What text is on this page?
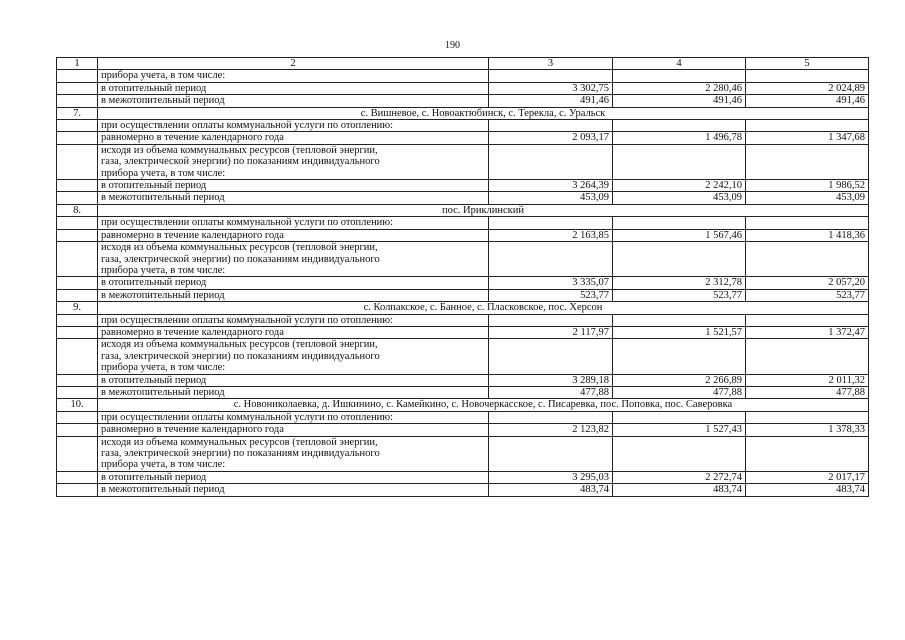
190
1	2	3	4	5
	прибора учета, в том числе:			
	в отопительный период	3 302,75	2 280,46	2 024,89
	в межотопительный период	491,46	491,46	491,46
7.	с. Вишневое, с. Новоактюбинск, с. Терекла, с. Уральск			
	при осуществлении оплаты коммунальной услуги по отоплению:			
	равномерно в течение календарного года	2 093,17	1 496,78	1 347,68

	исходя из объема коммунальных ресурсов (тепловой энергии,
газа, электрической энергии) по показаниям индивидуального
прибора учета, в том числе:			

	в отопительный период	3 264,39	2 242,10	1 986,52
	в межотопительный период	453,09	453,09	453,09
8.	пос. Ириклинский			
	при осуществлении оплаты коммунальной услуги по отоплению:			
	равномерно в течение календарного года	2 163,85	1 567,46	1 418,36

	исходя из объема коммунальных ресурсов (тепловой энергии,
газа, электрической энергии) по показаниям индивидуального
прибора учета, в том числе:			

	в отопительный период	3 335,07	2 312,78	2 057,20
	в межотопительный период	523,77	523,77	523,77
9.	с. Колпакское, с. Банное, с. Пласковское, пос. Херсон			
	при осуществлении оплаты коммунальной услуги по отоплению:			
	равномерно в течение календарного года	2 117,97	1 521,57	1 372,47

	исходя из объема коммунальных ресурсов (тепловой энергии,
газа, электрической энергии) по показаниям индивидуального
прибора учета, в том числе:			

	в отопительный период	3 289,18	2 266,89	2 011,32
	в межотопительный период	477,88	477,88	477,88
10.	с. Новониколаевка, д. Ишкинино, с. Камейкино, с. Новочеркасское, с. Писаревка, пос. Поповка, пос. Саверовка			
	при осуществлении оплаты коммунальной услуги по отоплению:			
	равномерно в течение календарного года	2 123,82	1 527,43	1 378,33

	исходя из объема коммунальных ресурсов (тепловой энергии,
газа, электрической энергии) по показаниям индивидуального
прибора учета, в том числе:			

	в отопительный период	3 295,03	2 272,74	2 017,17
	в межотопительный период	483,74	483,74	483,74
